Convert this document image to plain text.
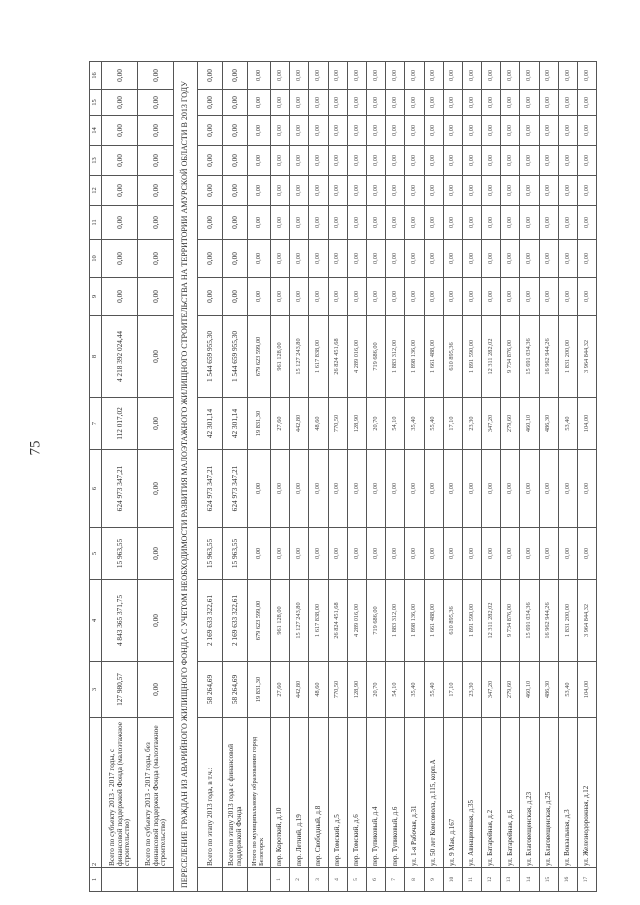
75
1	2	3	4	5	6	7	8	9	10	11	12	13	14	15	16
	Всего по субъекту 2013 - 2017 годы, с финансовой поддержкой Фонда (малоэтажное строительство)	127 980,57	4 843 365 371,75	15 963,55	624 973 347,21	112 017,02	4 218 392 024,44	0,00	0,00	0,00	0,00	0,00	0,00	0,00	0,00
	Всего по субъекту 2013 - 2017 годы, без финансовой поддержки Фонда (малоэтажное строительство)	0,00	0,00	0,00	0,00	0,00	0,00	0,00	0,00	0,00	0,00	0,00	0,00	0,00	0,00
ПЕРЕСЕЛЕНИЕ ГРАЖДАН ИЗ АВАРИЙНОГО ЖИЛИЩНОГО ФОНДА С УЧЕТОМ НЕОБХОДИМОСТИ РАЗВИТИЯ МАЛОЭТАЖНОГО ЖИЛИЩНОГО СТРОИТЕЛЬСТВА НА ТЕРРИТОРИИ АМУРСКОЙ ОБЛАСТИ В 2013 ГОДУ															
	Всего по этапу 2013 года, в т.ч.:	58 264,69	2 169 633 322,61	15 963,55	624 973 347,21	42 301,14	1 544 659 955,30	0,00	0,00	0,00	0,00	0,00	0,00	0,00	0,00
	Всего по этапу 2013 года с финансовой поддержкой Фонда	58 264,69	2 169 633 322,61	15 963,55	624 973 347,21	42 301,14	1 544 659 955,30	0,00	0,00	0,00	0,00	0,00	0,00	0,00	0,00
	Итого по муниципальному образованию город Белогорск	19 831,30	679 623 599,00	0,00	0,00	19 831,30	679 623 599,00	0,00	0,00	0,00	0,00	0,00	0,00	0,00	0,00
1	пер. Короткий, д.10	27,60	961 128,00	0,00	0,00	27,60	961 128,00	0,00	0,00	0,00	0,00	0,00	0,00	0,00	0,00
2	пер. Летний, д.19	442,80	15 127 243,80	0,00	0,00	442,80	15 127 243,80	0,00	0,00	0,00	0,00	0,00	0,00	0,00	0,00
3	пер. Свободный, д.8	48,60	1 617 838,00	0,00	0,00	48,60	1 617 838,00	0,00	0,00	0,00	0,00	0,00	0,00	0,00	0,00
4	пер. Томский, д.5	770,50	26 824 451,68	0,00	0,00	770,50	26 824 451,68	0,00	0,00	0,00	0,00	0,00	0,00	0,00	0,00
5	пер. Томский, д.6	128,90	4 289 016,00	0,00	0,00	128,90	4 289 016,00	0,00	0,00	0,00	0,00	0,00	0,00	0,00	0,00
6	пер. Тупиковый, д.4	20,70	719 686,00	0,00	0,00	20,70	719 686,00	0,00	0,00	0,00	0,00	0,00	0,00	0,00	0,00
7	пер. Тупиковый, д.6	54,10	1 883 312,00	0,00	0,00	54,10	1 883 312,00	0,00	0,00	0,00	0,00	0,00	0,00	0,00	0,00
8	ул. 1-я Рабочая, д.31	35,40	1 898 136,00	0,00	0,00	35,40	1 898 136,00	0,00	0,00	0,00	0,00	0,00	0,00	0,00	0,00
9	ул. 50 лет Комсомола, д.115, корп.А	55,40	1 661 488,00	0,00	0,00	55,40	1 661 488,00	0,00	0,00	0,00	0,00	0,00	0,00	0,00	0,00
10	ул. 9 Мая, д.167	17,10	610 895,36	0,00	0,00	17,10	610 895,36	0,00	0,00	0,00	0,00	0,00	0,00	0,00	0,00
11	ул. Авиационная, д.35	23,30	1 891 590,00	0,00	0,00	23,30	1 891 590,00	0,00	0,00	0,00	0,00	0,00	0,00	0,00	0,00
12	ул. Батарейная, д.2	347,20	12 311 282,02	0,00	0,00	347,20	12 311 282,02	0,00	0,00	0,00	0,00	0,00	0,00	0,00	0,00
13	ул. Батарейная, д.6	279,60	9 734 876,00	0,00	0,00	279,60	9 734 876,00	0,00	0,00	0,00	0,00	0,00	0,00	0,00	0,00
14	ул. Благовещенская, д.23	460,10	15 691 034,36	0,00	0,00	460,10	15 691 034,36	0,00	0,00	0,00	0,00	0,00	0,00	0,00	0,00
15	ул. Благовещенская, д.25	486,30	16 962 944,26	0,00	0,00	486,30	16 962 944,26	0,00	0,00	0,00	0,00	0,00	0,00	0,00	0,00
16	ул. Вокзальная, д.3	53,40	1 831 200,00	0,00	0,00	53,40	1 831 200,00	0,00	0,00	0,00	0,00	0,00	0,00	0,00	0,00
17	ул. Железнодорожная, д.12	104,00	3 964 844,32	0,00	0,00	104,00	3 964 844,32	0,00	0,00	0,00	0,00	0,00	0,00	0,00	0,00
